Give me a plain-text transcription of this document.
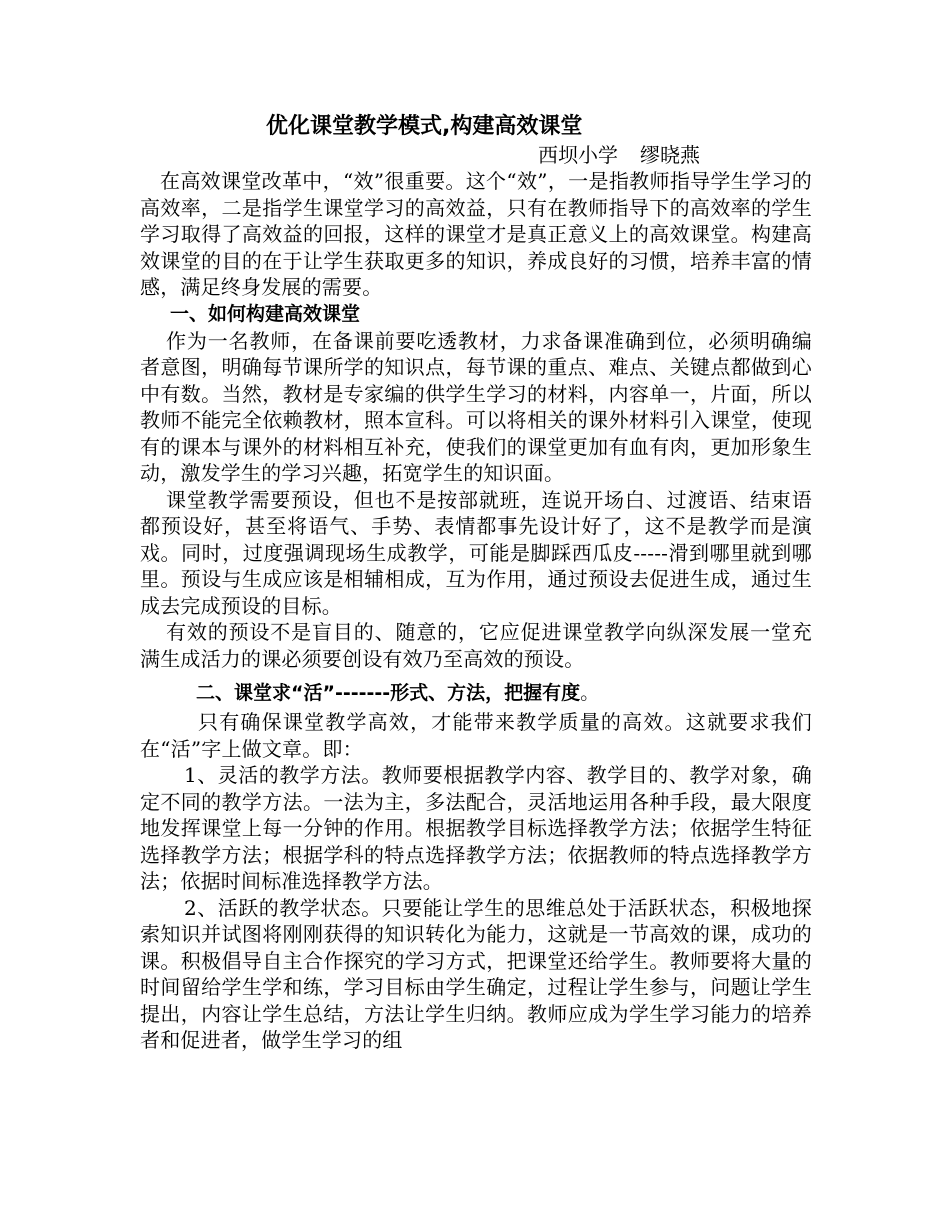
优化课堂教学模式,构建高效课堂
西坝小学 缪晓燕

在高效课堂改革中，“效”很重要。这个“效”，一是指教师指导学生学习的高效率，二是指学生课堂学习的高效益，只有在教师指导下的高效率的学生学习取得了高效益的回报，这样的课堂才是真正意义上的高效课堂。构建高效课堂的目的在于让学生获取更多的知识，养成良好的习惯，培养丰富的情感，满足终身发展的需要。

一、如何构建高效课堂

作为一名教师，在备课前要吃透教材，力求备课准确到位，必须明确编者意图，明确每节课所学的知识点，每节课的重点、难点、关键点都做到心中有数。当然，教材是专家编的供学生学习的材料，内容单一，片面，所以教师不能完全依赖教材，照本宣科。可以将相关的课外材料引入课堂，使现有的课本与课外的材料相互补充，使我们的课堂更加有血有肉，更加形象生动，激发学生的学习兴趣，拓宽学生的知识面。

课堂教学需要预设，但也不是按部就班，连说开场白、过渡语、结束语都预设好，甚至将语气、手势、表情都事先设计好了，这不是教学而是演戏。同时，过度强调现场生成教学，可能是脚踩西瓜皮-----滑到哪里就到哪里。预设与生成应该是相辅相成，互为作用，通过预设去促进生成，通过生成去完成预设的目标。

有效的预设不是盲目的、随意的，它应促进课堂教学向纵深发展一堂充满生成活力的课必须要创设有效乃至高效的预设。

二、课堂求“活”-------形式、方法，把握有度。

只有确保课堂教学高效，才能带来教学质量的高效。这就要求我们在“活”字上做文章。即：

1、灵活的教学方法。教师要根据教学内容、教学目的、教学对象，确定不同的教学方法。一法为主，多法配合，灵活地运用各种手段，最大限度地发挥课堂上每一分钟的作用。根据教学目标选择教学方法；依据学生特征选择教学方法；根据学科的特点选择教学方法；依据教师的特点选择教学方法；依据时间标准选择教学方法。

2、活跃的教学状态。只要能让学生的思维总处于活跃状态，积极地探索知识并试图将刚刚获得的知识转化为能力，这就是一节高效的课，成功的课。积极倡导自主合作探究的学习方式，把课堂还给学生。教师要将大量的时间留给学生学和练，学习目标由学生确定，过程让学生参与，问题让学生提出，内容让学生总结，方法让学生归纳。教师应成为学生学习能力的培养者和促进者，做学生学习的组
